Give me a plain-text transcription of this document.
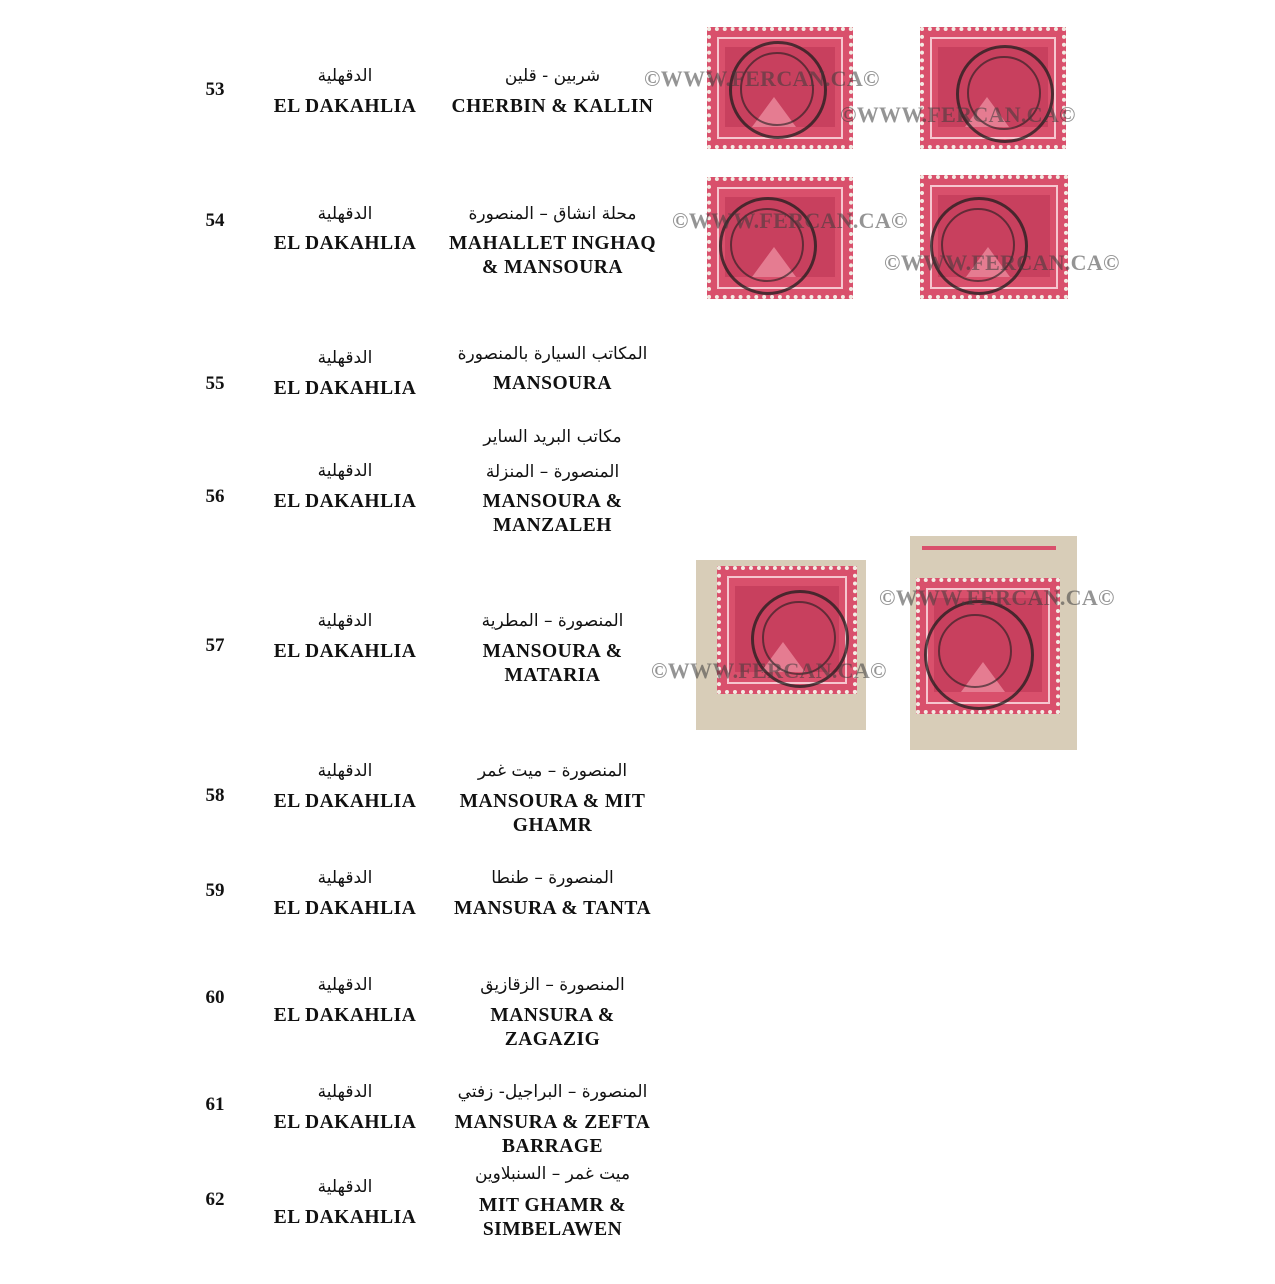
53
الدقهلية
EL DAKAHLIA
شربين - قلين
CHERBIN & KALLIN
54	الدقهلية
EL DAKAHLIA
محلة انشاق – المنصورة
MAHALLET INGHAQ
& MANSOURA
55
الدقهلية
EL DAKAHLIA
المكاتب السيارة بالمنصورة
MANSOURA
56
الدقهلية
EL DAKAHLIA
مكاتب البريد الساير
المنصورة – المنزلة
MANSOURA &
MANZALEH
57
الدقهلية
EL DAKAHLIA
المنصورة – المطرية
MANSOURA &
MATARIA
58
الدقهلية
EL DAKAHLIA
المنصورة – ميت غمر
MANSOURA & MIT
GHAMR
59
الدقهلية
EL DAKAHLIA
المنصورة – طنطا
MANSURA & TANTA
60
الدقهلية
EL DAKAHLIA
المنصورة – الزقازيق
MANSURA &
ZAGAZIG
61
الدقهلية
EL DAKAHLIA
المنصورة – البراجيل- زفتي
MANSURA & ZEFTA
BARRAGE
62
الدقهلية
EL DAKAHLIA
ميت غمر – السنبلاوين
MIT GHAMR &
SIMBELAWEN
©WWW.FERCAN.CA©
©WWW.FERCAN.CA©
©WWW.FERCAN.CA©
©WWW.FERCAN.CA©
©WWW.FERCAN.CA©
©WWW.FERCAN.CA©
